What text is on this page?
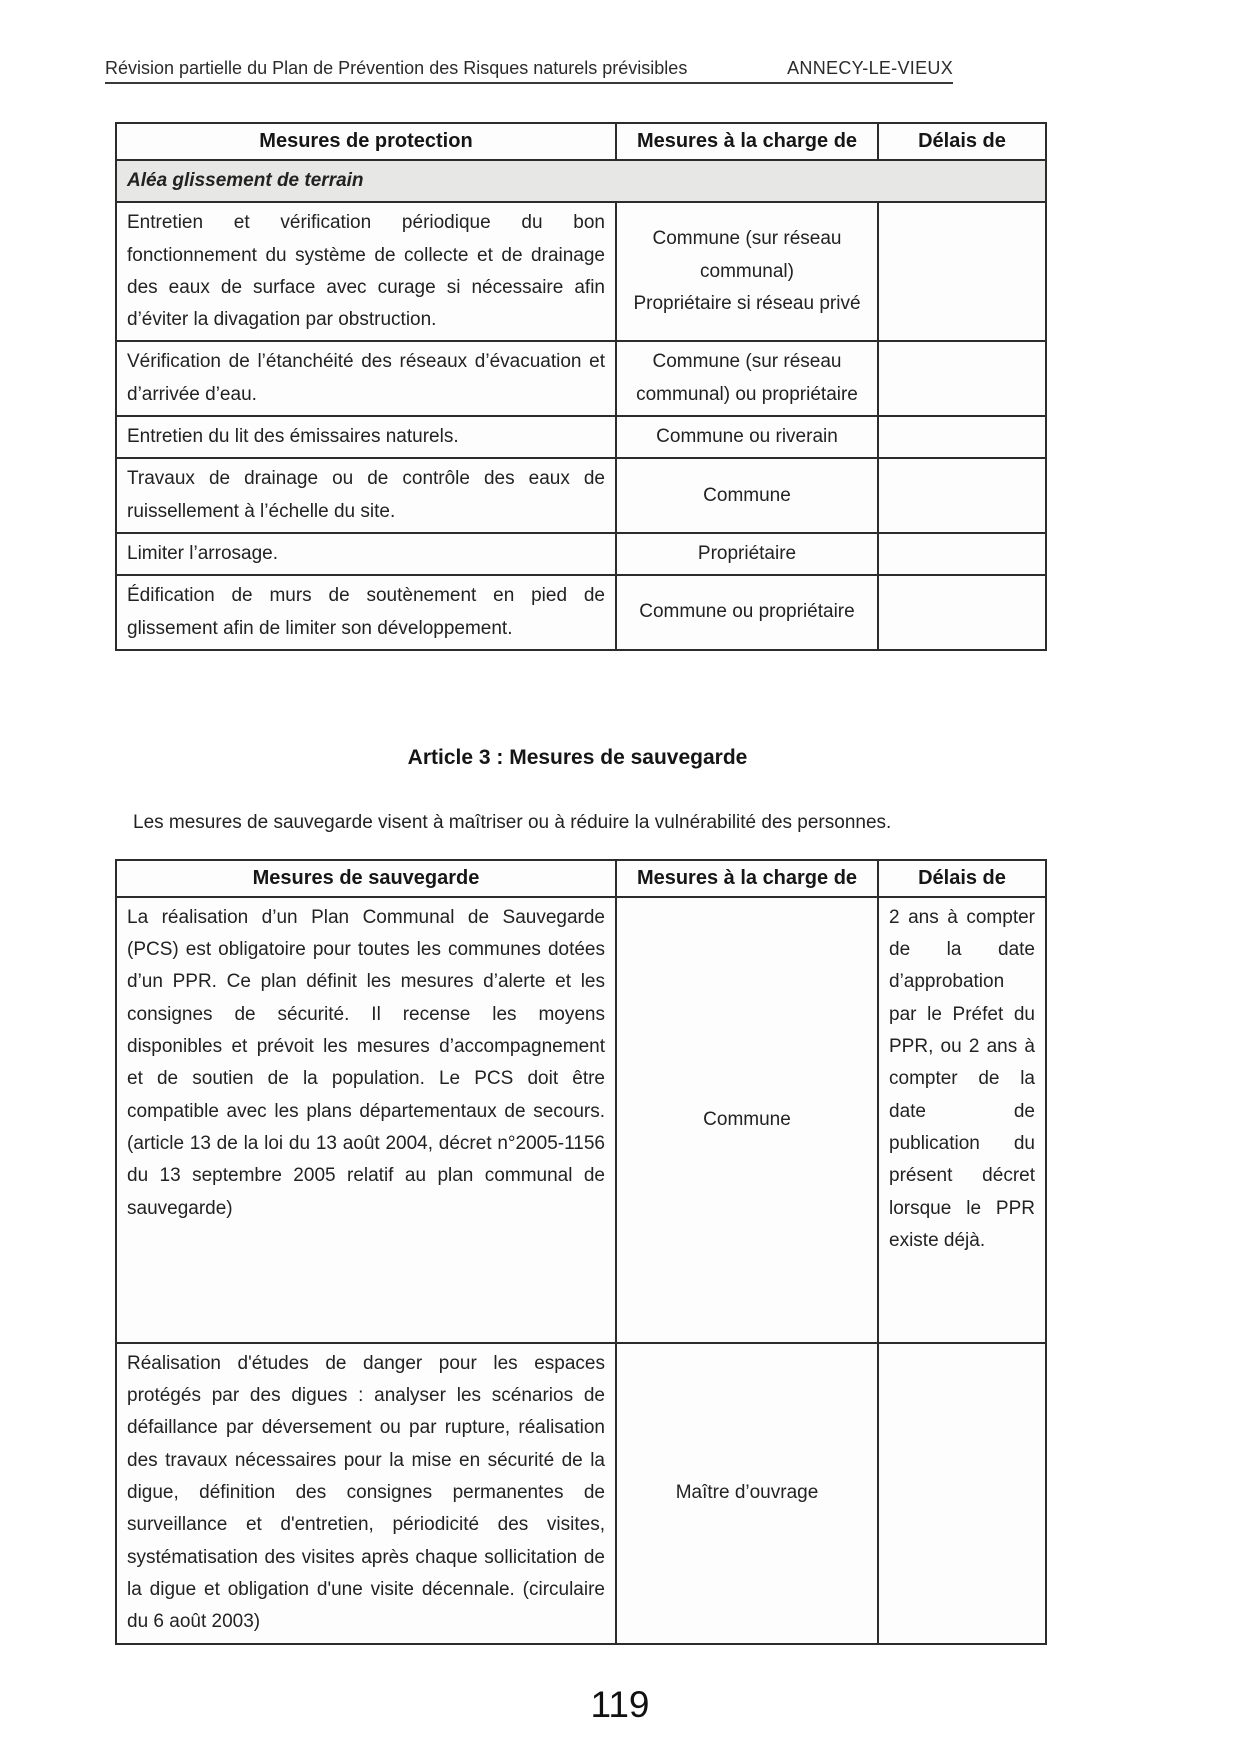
Révision partielle du Plan de Prévention des Risques naturels prévisibles	ANNECY-LE-VIEUX
Mesures de protection	Mesures à la charge de	Délais de
Aléa glissement de terrain		
Entretien et vérification périodique du bon fonctionnement du système de collecte et de drainage des eaux de surface avec curage si nécessaire afin d’éviter la divagation par obstruction.	Commune (sur réseau communal)
Propriétaire si réseau privé	

Vérification de l’étanchéité des réseaux d’évacuation et d’arrivée d’eau.	Commune (sur réseau communal) ou propriétaire	
Entretien du lit des émissaires naturels.	Commune ou riverain	
Travaux de drainage ou de contrôle des eaux de ruissellement à l’échelle du site.	Commune	
Limiter l’arrosage.	Propriétaire	
Édification de murs de soutènement en pied de glissement afin de limiter son développement.	Commune ou propriétaire	
Article 3 : Mesures de sauvegarde
Les mesures de sauvegarde visent à maîtriser ou à réduire la vulnérabilité des personnes.
Mesures de sauvegarde	Mesures à la charge de	Délais de
La réalisation d’un Plan Communal de Sauvegarde (PCS) est obligatoire pour toutes les communes dotées d’un PPR. Ce plan définit les mesures d’alerte et les consignes de sécurité. Il recense les moyens disponibles et prévoit les mesures d’accompagnement et de soutien de la population. Le PCS doit être compatible avec les plans départementaux de secours. (article 13 de la loi du 13 août 2004, décret n°2005-1156 du 13 septembre 2005 relatif au plan communal de sauvegarde)	Commune	2 ans à compter de la date d’approbation par le Préfet du PPR, ou 2 ans à compter de la date de publication du présent décret lorsque le PPR existe déjà.
Réalisation d'études de danger pour les espaces protégés par des digues : analyser les scénarios de défaillance par déversement ou par rupture, réalisation des travaux nécessaires pour la mise en sécurité de la digue, définition des consignes permanentes de surveillance et d'entretien, périodicité des visites, systématisation des visites après chaque sollicitation de la digue et obligation d'une visite décennale. (circulaire du 6 août 2003)	Maître d’ouvrage	
119
